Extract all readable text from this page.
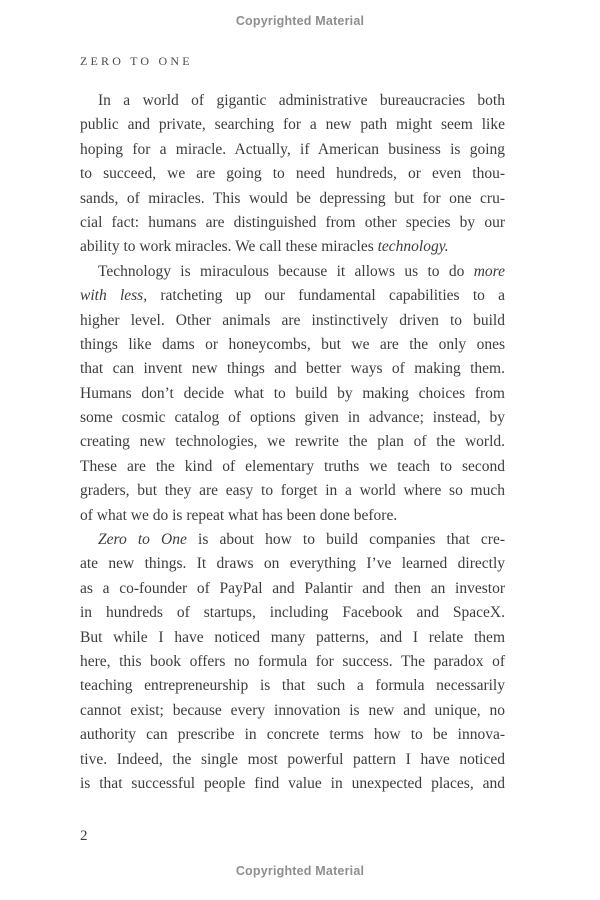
Copyrighted Material
ZERO TO ONE
In a world of gigantic administrative bureaucracies both
public and private, searching for a new path might seem like
hoping for a miracle. Actually, if American business is going
to succeed, we are going to need hundreds, or even thou-
sands, of miracles. This would be depressing but for one cru-
cial fact: humans are distinguished from other species by our
ability to work miracles. We call these miracles technology.
Technology is miraculous because it allows us to do more
with less, ratcheting up our fundamental capabilities to a
higher level. Other animals are instinctively driven to build
things like dams or honeycombs, but we are the only ones
that can invent new things and better ways of making them.
Humans don’t decide what to build by making choices from
some cosmic catalog of options given in advance; instead, by
creating new technologies, we rewrite the plan of the world.
These are the kind of elementary truths we teach to second
graders, but they are easy to forget in a world where so much
of what we do is repeat what has been done before.
Zero to One is about how to build companies that cre-
ate new things. It draws on everything I’ve learned directly
as a co-founder of PayPal and Palantir and then an investor
in hundreds of startups, including Facebook and SpaceX.
But while I have noticed many patterns, and I relate them
here, this book offers no formula for success. The paradox of
teaching entrepreneurship is that such a formula necessarily
cannot exist; because every innovation is new and unique, no
authority can prescribe in concrete terms how to be innova-
tive. Indeed, the single most powerful pattern I have noticed
is that successful people find value in unexpected places, and
2
Copyrighted Material
